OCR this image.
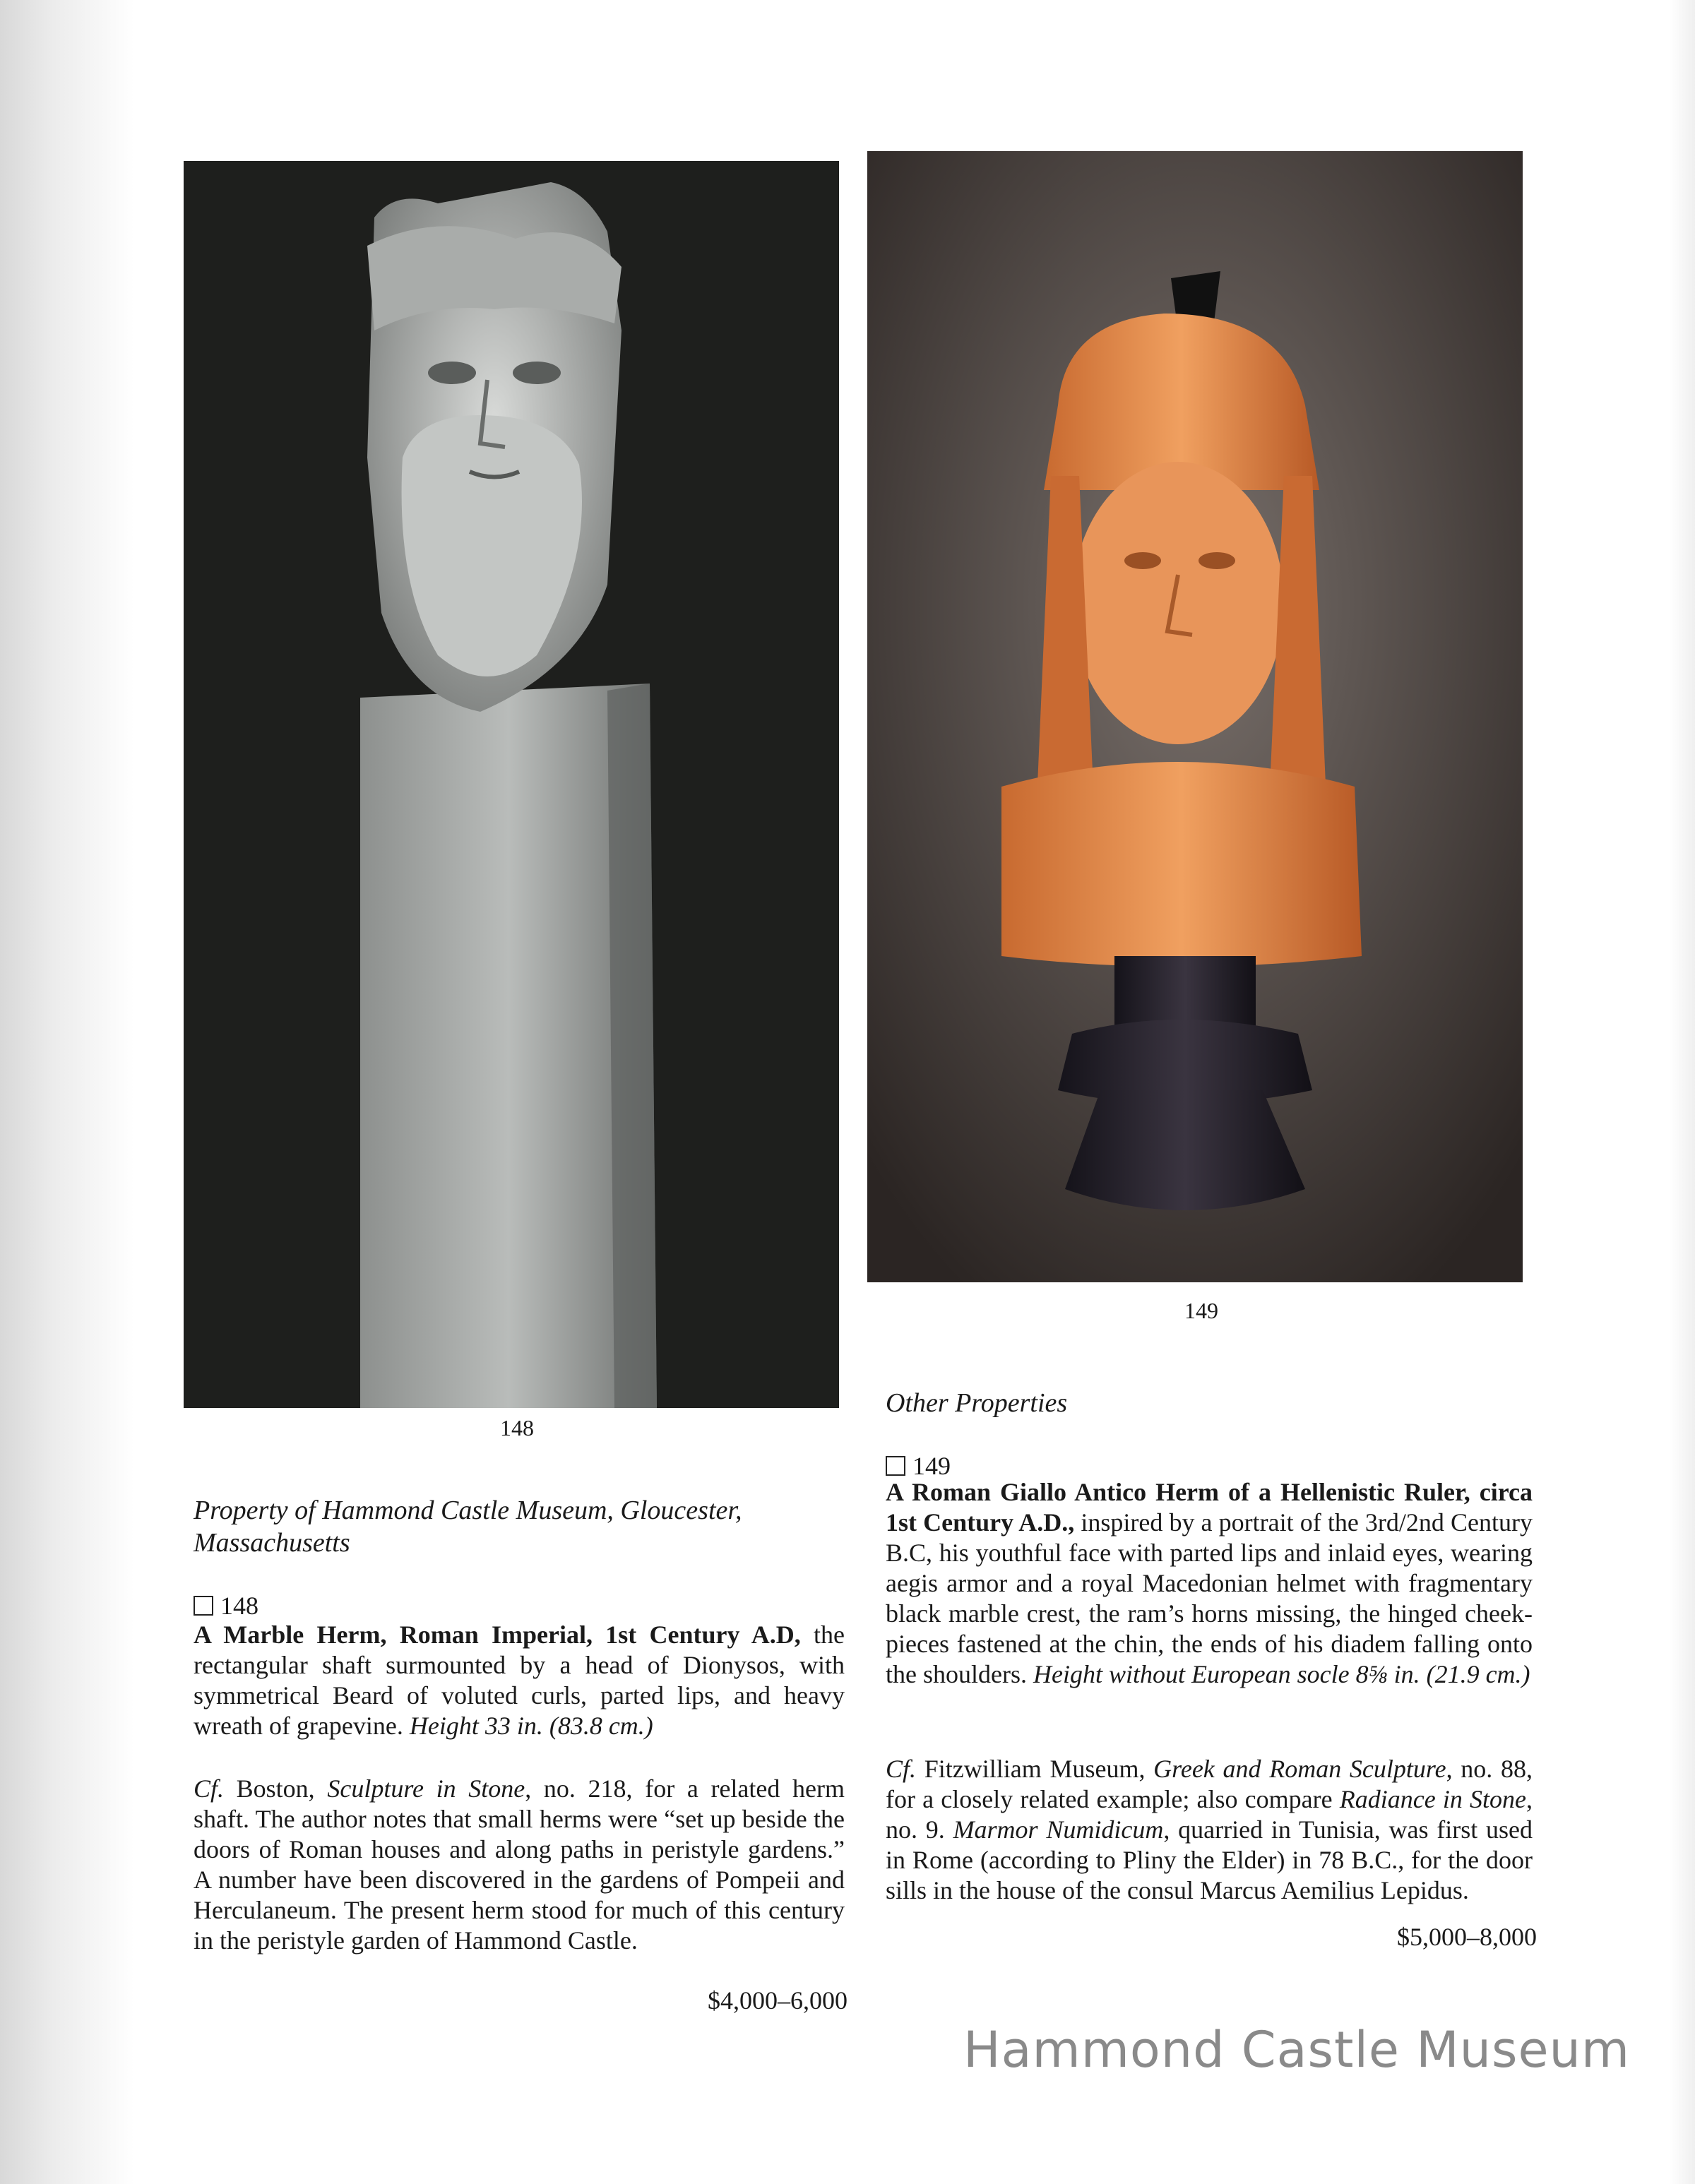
148
149
Property of Hammond Castle Museum, Gloucester,
Massachusetts
148
A Marble Herm, Roman Imperial, 1st Century A.D, the rectangular shaft surmounted by a head of Dionysos, with symmetrical Beard of voluted curls, parted lips, and heavy wreath of grapevine. Height 33 in. (83.8 cm.)
Cf. Boston, Sculpture in Stone, no. 218, for a related herm shaft. The author notes that small herms were “set up beside the doors of Roman houses and along paths in peristyle gardens.” A number have been discovered in the gardens of Pompeii and Herculaneum. The present herm stood for much of this century in the peristyle garden of Hammond Castle.
$4,000–6,000
Other Properties
149
A Roman Giallo Antico Herm of a Hellenistic Ruler, circa 1st Century A.D., inspired by a portrait of the 3rd/2nd Century B.C, his youthful face with parted lips and inlaid eyes, wearing aegis armor and a royal Macedonian helmet with fragmentary black marble crest, the ram’s horns missing, the hinged cheek-pieces fastened at the chin, the ends of his diadem falling onto the shoulders. Height without European socle 8⅝ in. (21.9 cm.)
Cf. Fitzwilliam Museum, Greek and Roman Sculpture, no. 88, for a closely related example; also compare Radiance in Stone, no. 9. Marmor Numidicum, quarried in Tunisia, was first used in Rome (according to Pliny the Elder) in 78 B.C., for the door sills in the house of the consul Marcus Aemilius Lepidus.
$5,000–8,000
Hammond Castle Museum
